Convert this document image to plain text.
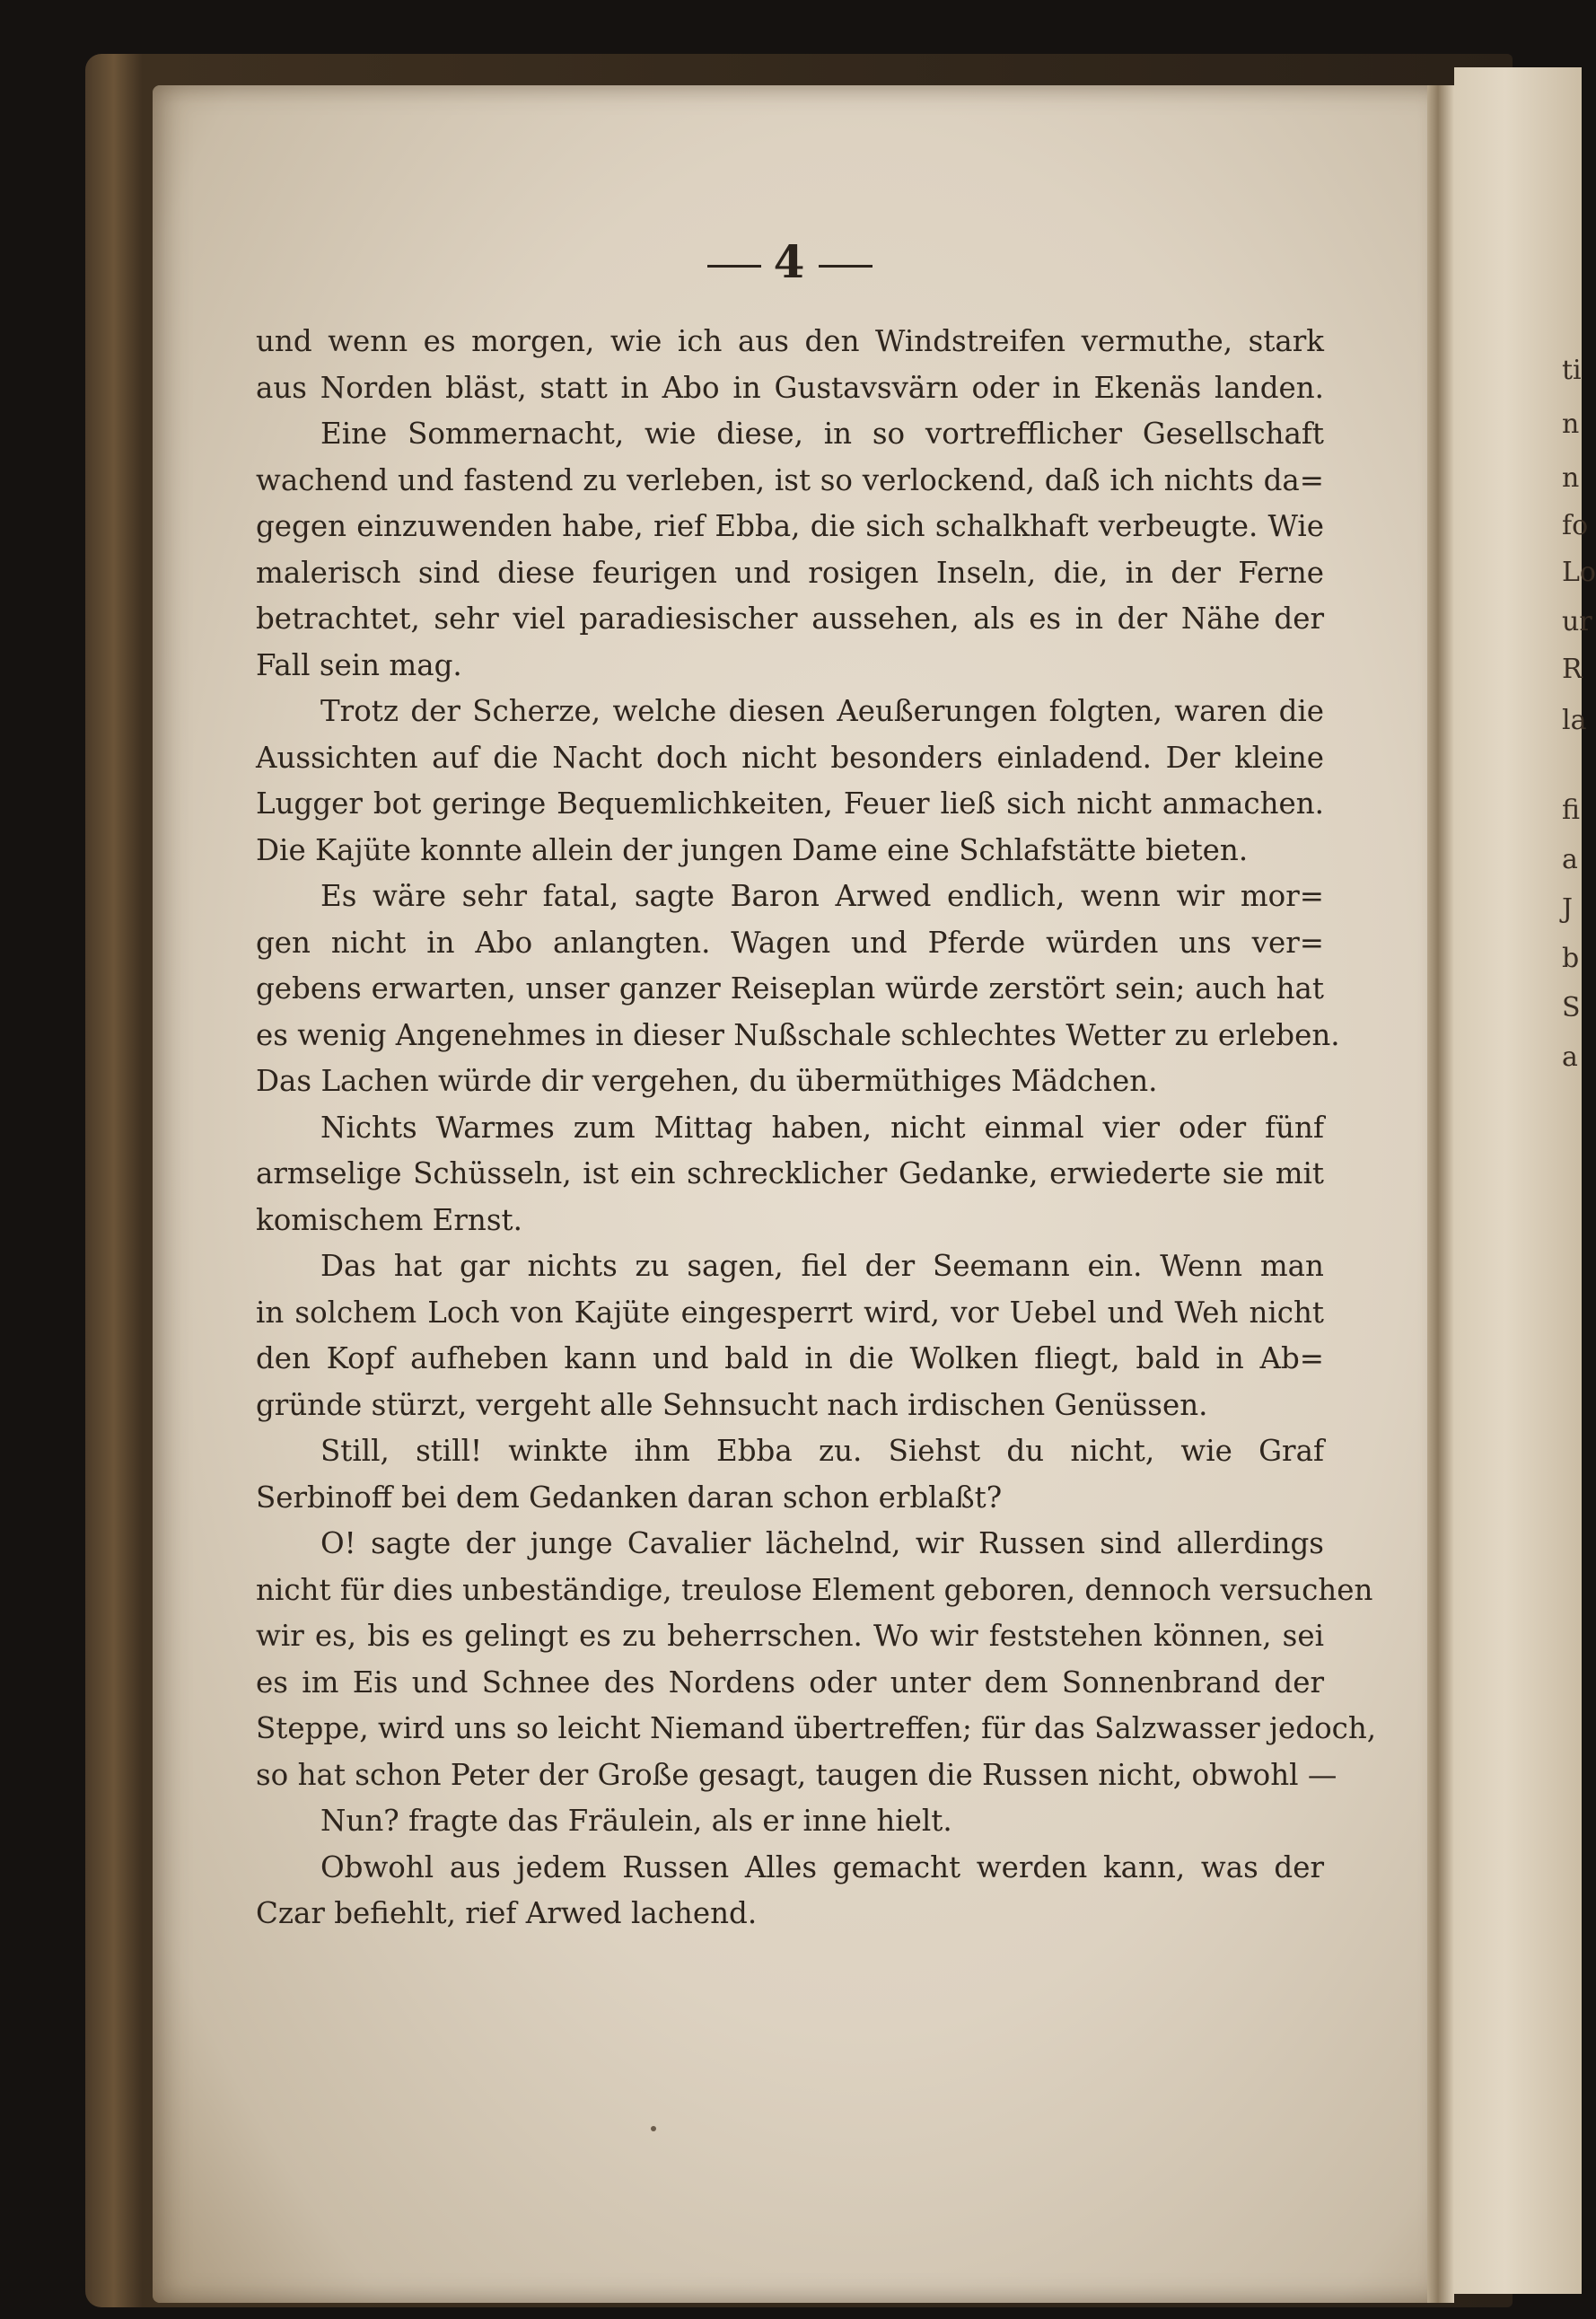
4
und wenn es morgen, wie ich aus den Windstreifen vermuthe, stark
aus Norden bläst, statt in Abo in Gustavsvärn oder in Ekenäs landen.
Eine Sommernacht, wie diese, in so vortrefflicher Gesellschaft
wachend und fastend zu verleben, ist so verlockend, daß ich nichts da=
gegen einzuwenden habe, rief Ebba, die sich schalkhaft verbeugte. Wie
malerisch sind diese feurigen und rosigen Inseln, die, in der Ferne
betrachtet, sehr viel paradiesischer aussehen, als es in der Nähe der
Fall sein mag.
Trotz der Scherze, welche diesen Aeußerungen folgten, waren die
Aussichten auf die Nacht doch nicht besonders einladend. Der kleine
Lugger bot geringe Bequemlichkeiten, Feuer ließ sich nicht anmachen.
Die Kajüte konnte allein der jungen Dame eine Schlafstätte bieten.
Es wäre sehr fatal, sagte Baron Arwed endlich, wenn wir mor=
gen nicht in Abo anlangten. Wagen und Pferde würden uns ver=
gebens erwarten, unser ganzer Reiseplan würde zerstört sein; auch hat
es wenig Angenehmes in dieser Nußschale schlechtes Wetter zu erleben.
Das Lachen würde dir vergehen, du übermüthiges Mädchen.
Nichts Warmes zum Mittag haben, nicht einmal vier oder fünf
armselige Schüsseln, ist ein schrecklicher Gedanke, erwiederte sie mit
komischem Ernst.
Das hat gar nichts zu sagen, fiel der Seemann ein. Wenn man
in solchem Loch von Kajüte eingesperrt wird, vor Uebel und Weh nicht
den Kopf aufheben kann und bald in die Wolken fliegt, bald in Ab=
gründe stürzt, vergeht alle Sehnsucht nach irdischen Genüssen.
Still, still! winkte ihm Ebba zu. Siehst du nicht, wie Graf
Serbinoff bei dem Gedanken daran schon erblaßt?
O! sagte der junge Cavalier lächelnd, wir Russen sind allerdings
nicht für dies unbeständige, treulose Element geboren, dennoch versuchen
wir es, bis es gelingt es zu beherrschen. Wo wir feststehen können, sei
es im Eis und Schnee des Nordens oder unter dem Sonnenbrand der
Steppe, wird uns so leicht Niemand übertreffen; für das Salzwasser jedoch,
so hat schon Peter der Große gesagt, taugen die Russen nicht, obwohl —
Nun? fragte das Fräulein, als er inne hielt.
Obwohl aus jedem Russen Alles gemacht werden kann, was der
Czar befiehlt, rief Arwed lachend.
ti
n
n
fo
Lo
ur
R
la
fi
a
J
b
S
a
